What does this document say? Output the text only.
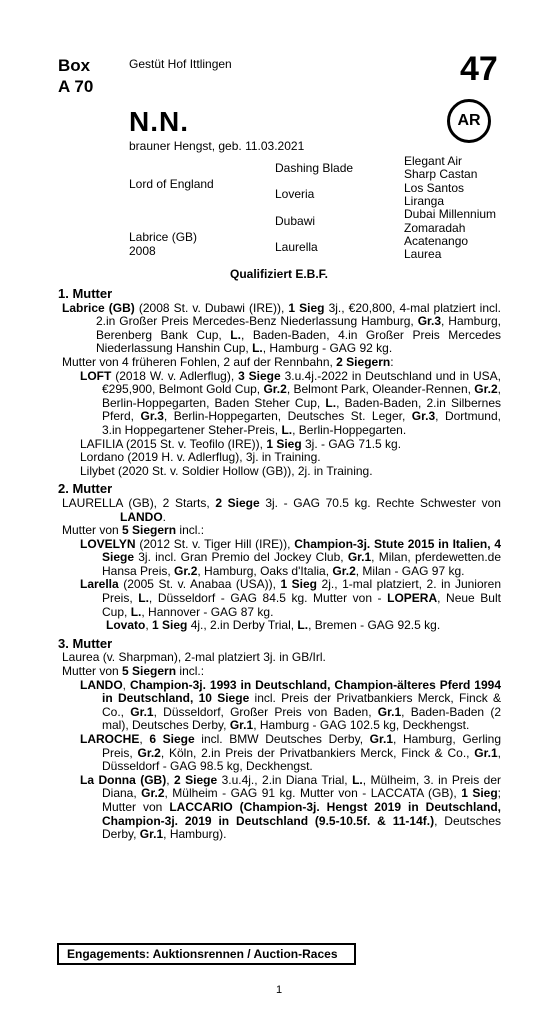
Box
A 70
Gestüt Hof Ittlingen	47
N.N.	AR
brauner Hengst, geb. 11.03.2021
Lord of England
Labrice (GB)
2008
Dashing Blade
Loveria
Dubawi
Laurella
Elegant Air
Sharp Castan
Los Santos
Liranga
Dubai Millennium
Zomaradah
Acatenango
Laurea
Qualifiziert E.B.F.
1. Mutter
Labrice (GB) (2008 St. v. Dubawi (IRE)), 1 Sieg 3j., €20,800, 4-mal platziert incl. 2.in Großer Preis Mercedes-Benz Niederlassung Hamburg, Gr.3, Hamburg, Berenberg Bank Cup, L., Baden-Baden, 4.in Großer Preis Mercedes Niederlassung Hanshin Cup, L., Hamburg - GAG 92 kg.
Mutter von 4 früheren Fohlen, 2 auf der Rennbahn, 2 Siegern:
LOFT (2018 W. v. Adlerflug), 3 Siege 3.u.4j.-2022 in Deutschland und in USA, €295,900, Belmont Gold Cup, Gr.2, Belmont Park, Oleander-Rennen, Gr.2, Berlin-Hoppegarten, Baden Steher Cup, L., Baden-Baden, 2.in Silbernes Pferd, Gr.3, Berlin-Hoppegarten, Deutsches St. Leger, Gr.3, Dortmund, 3.in Hoppegartener Steher-Preis, L., Berlin-Hoppegarten.
LAFILIA (2015 St. v. Teofilo (IRE)), 1 Sieg 3j. - GAG 71.5 kg.
Lordano (2019 H. v. Adlerflug), 3j. in Training.
Lilybet (2020 St. v. Soldier Hollow (GB)), 2j. in Training.
2. Mutter
LAURELLA (GB), 2 Starts, 2 Siege 3j. - GAG 70.5 kg. Rechte Schwester von LANDO.
Mutter von 5 Siegern incl.:
LOVELYN (2012 St. v. Tiger Hill (IRE)), Champion-3j. Stute 2015 in Italien, 4 Siege 3j. incl. Gran Premio del Jockey Club, Gr.1, Milan, pferdewetten.de Hansa Preis, Gr.2, Hamburg, Oaks d'Italia, Gr.2, Milan - GAG 97 kg.
Larella (2005 St. v. Anabaa (USA)), 1 Sieg 2j., 1-mal platziert, 2. in Junioren Preis, L., Düsseldorf - GAG 84.5 kg. Mutter von - LOPERA, Neue Bult Cup, L., Hannover - GAG 87 kg.
Lovato, 1 Sieg 4j., 2.in Derby Trial, L., Bremen - GAG 92.5 kg.
3. Mutter
Laurea (v. Sharpman), 2-mal platziert 3j. in GB/Irl.
Mutter von 5 Siegern incl.:
LANDO, Champion-3j. 1993 in Deutschland, Champion-älteres Pferd 1994 in Deutschland, 10 Siege incl. Preis der Privatbankiers Merck, Finck & Co., Gr.1, Düsseldorf, Großer Preis von Baden, Gr.1, Baden-Baden (2 mal), Deutsches Derby, Gr.1, Hamburg - GAG 102.5 kg, Deckhengst.
LAROCHE, 6 Siege incl. BMW Deutsches Derby, Gr.1, Hamburg, Gerling Preis, Gr.2, Köln, 2.in Preis der Privatbankiers Merck, Finck & Co., Gr.1, Düsseldorf - GAG 98.5 kg, Deckhengst.
La Donna (GB), 2 Siege 3.u.4j., 2.in Diana Trial, L., Mülheim, 3. in Preis der Diana, Gr.2, Mülheim - GAG 91 kg. Mutter von - LACCATA (GB), 1 Sieg; Mutter von LACCARIO (Champion-3j. Hengst 2019 in Deutschland, Champion-3j. 2019 in Deutschland (9.5-10.5f. & 11-14f.), Deutsches Derby, Gr.1, Hamburg).
Engagements: Auktionsrennen / Auction-Races
1
